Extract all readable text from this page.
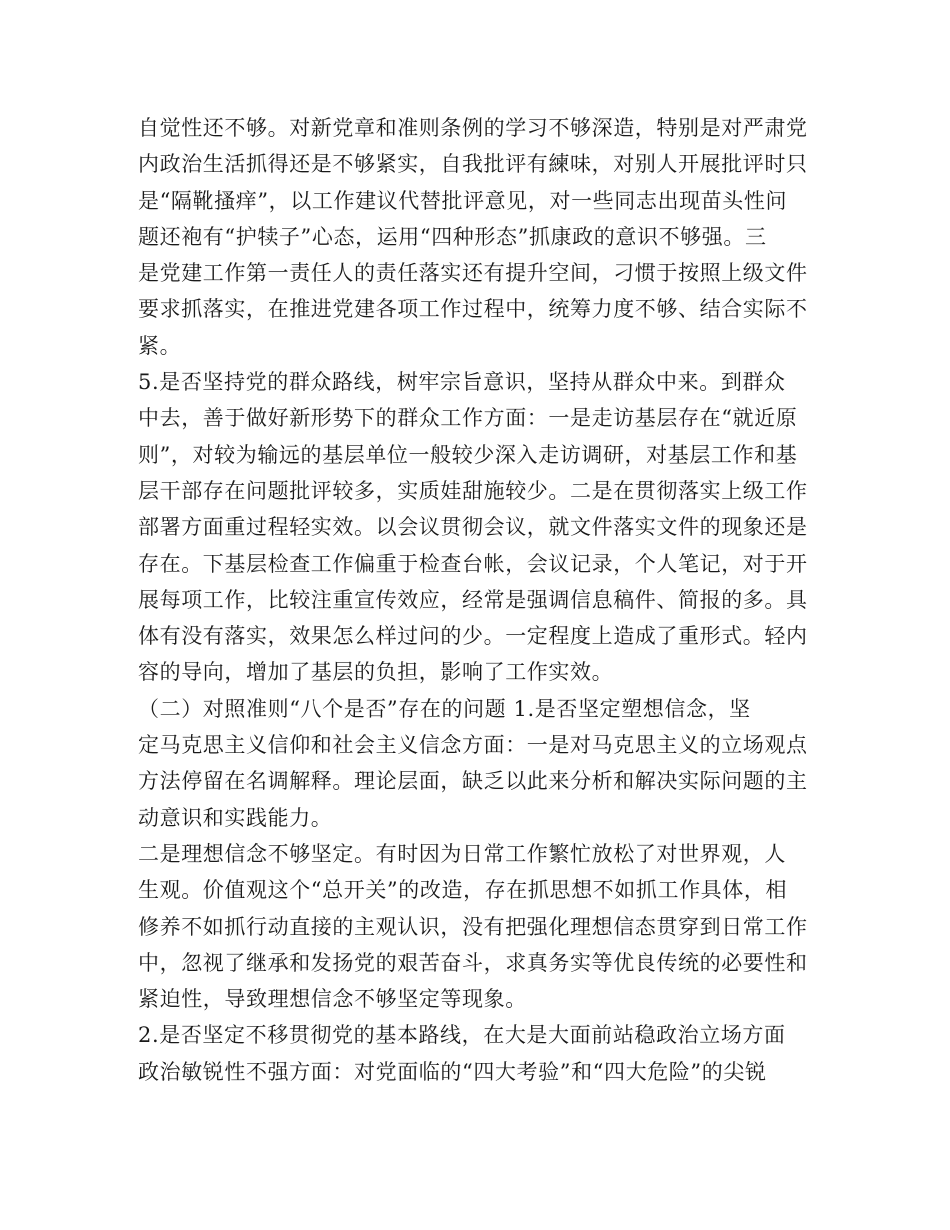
自觉性还不够。对新党章和准则条例的学习不够深造，特别是对严肃党
内政治生活抓得还是不够紧实，自我批评有練味，对别人开展批评时只
是“隔靴搔痒”，以工作建议代替批评意见，对一些同志出现苗头性问
题还袍有“护犊子”心态，运用“四种形态”抓康政的意识不够强。三
是党建工作第一责任人的责任落实还有提升空间，刁惯于按照上级文件
要求抓落实，在推进党建各项工作过程中，统筹力度不够、结合实际不
紧。
5.是否坚持党的群众路线，树牢宗旨意识，坚持从群众中来。到群众
中去，善于做好新形势下的群众工作方面：一是走访基层存在“就近原
则”，对较为输远的基层单位一般较少深入走访调研，对基层工作和基
层干部存在问题批评较多，实质娃甜施较少。二是在贯彻落实上级工作
部署方面重过程轻实效。以会议贯彻会议，就文件落实文件的现象还是
存在。下基层检查工作偏重于检查台帐，会议记录，个人笔记，对于开
展每项工作，比较注重宣传效应，经常是强调信息稿件、简报的多。具
体有没有落实，效果怎么样过问的少。一定程度上造成了重形式。轻内
容的导向，增加了基层的负担，影响了工作实效。
（二）对照准则“八个是否”存在的问题 1.是否坚定塑想信念，坚
定马克思主义信仰和社会主义信念方面：一是对马克思主义的立场观点
方法停留在名调解释。理论层面，缺乏以此来分析和解决实际问题的主
动意识和实践能力。
二是理想信念不够坚定。有时因为日常工作繁忙放松了对世界观，人
生观。价值观这个“总开关”的改造，存在抓思想不如抓工作具体，相
修养不如抓行动直接的主观认识，没有把强化理想信态贯穿到日常工作
中，忽视了继承和发扬党的艰苦奋斗，求真务实等优良传统的必要性和
紧迫性，导致理想信念不够坚定等现象。
2.是否坚定不移贯彻党的基本路线，在大是大面前站稳政治立场方面
政治敏锐性不强方面：对党面临的“四大考验”和“四大危险”的尖锐
